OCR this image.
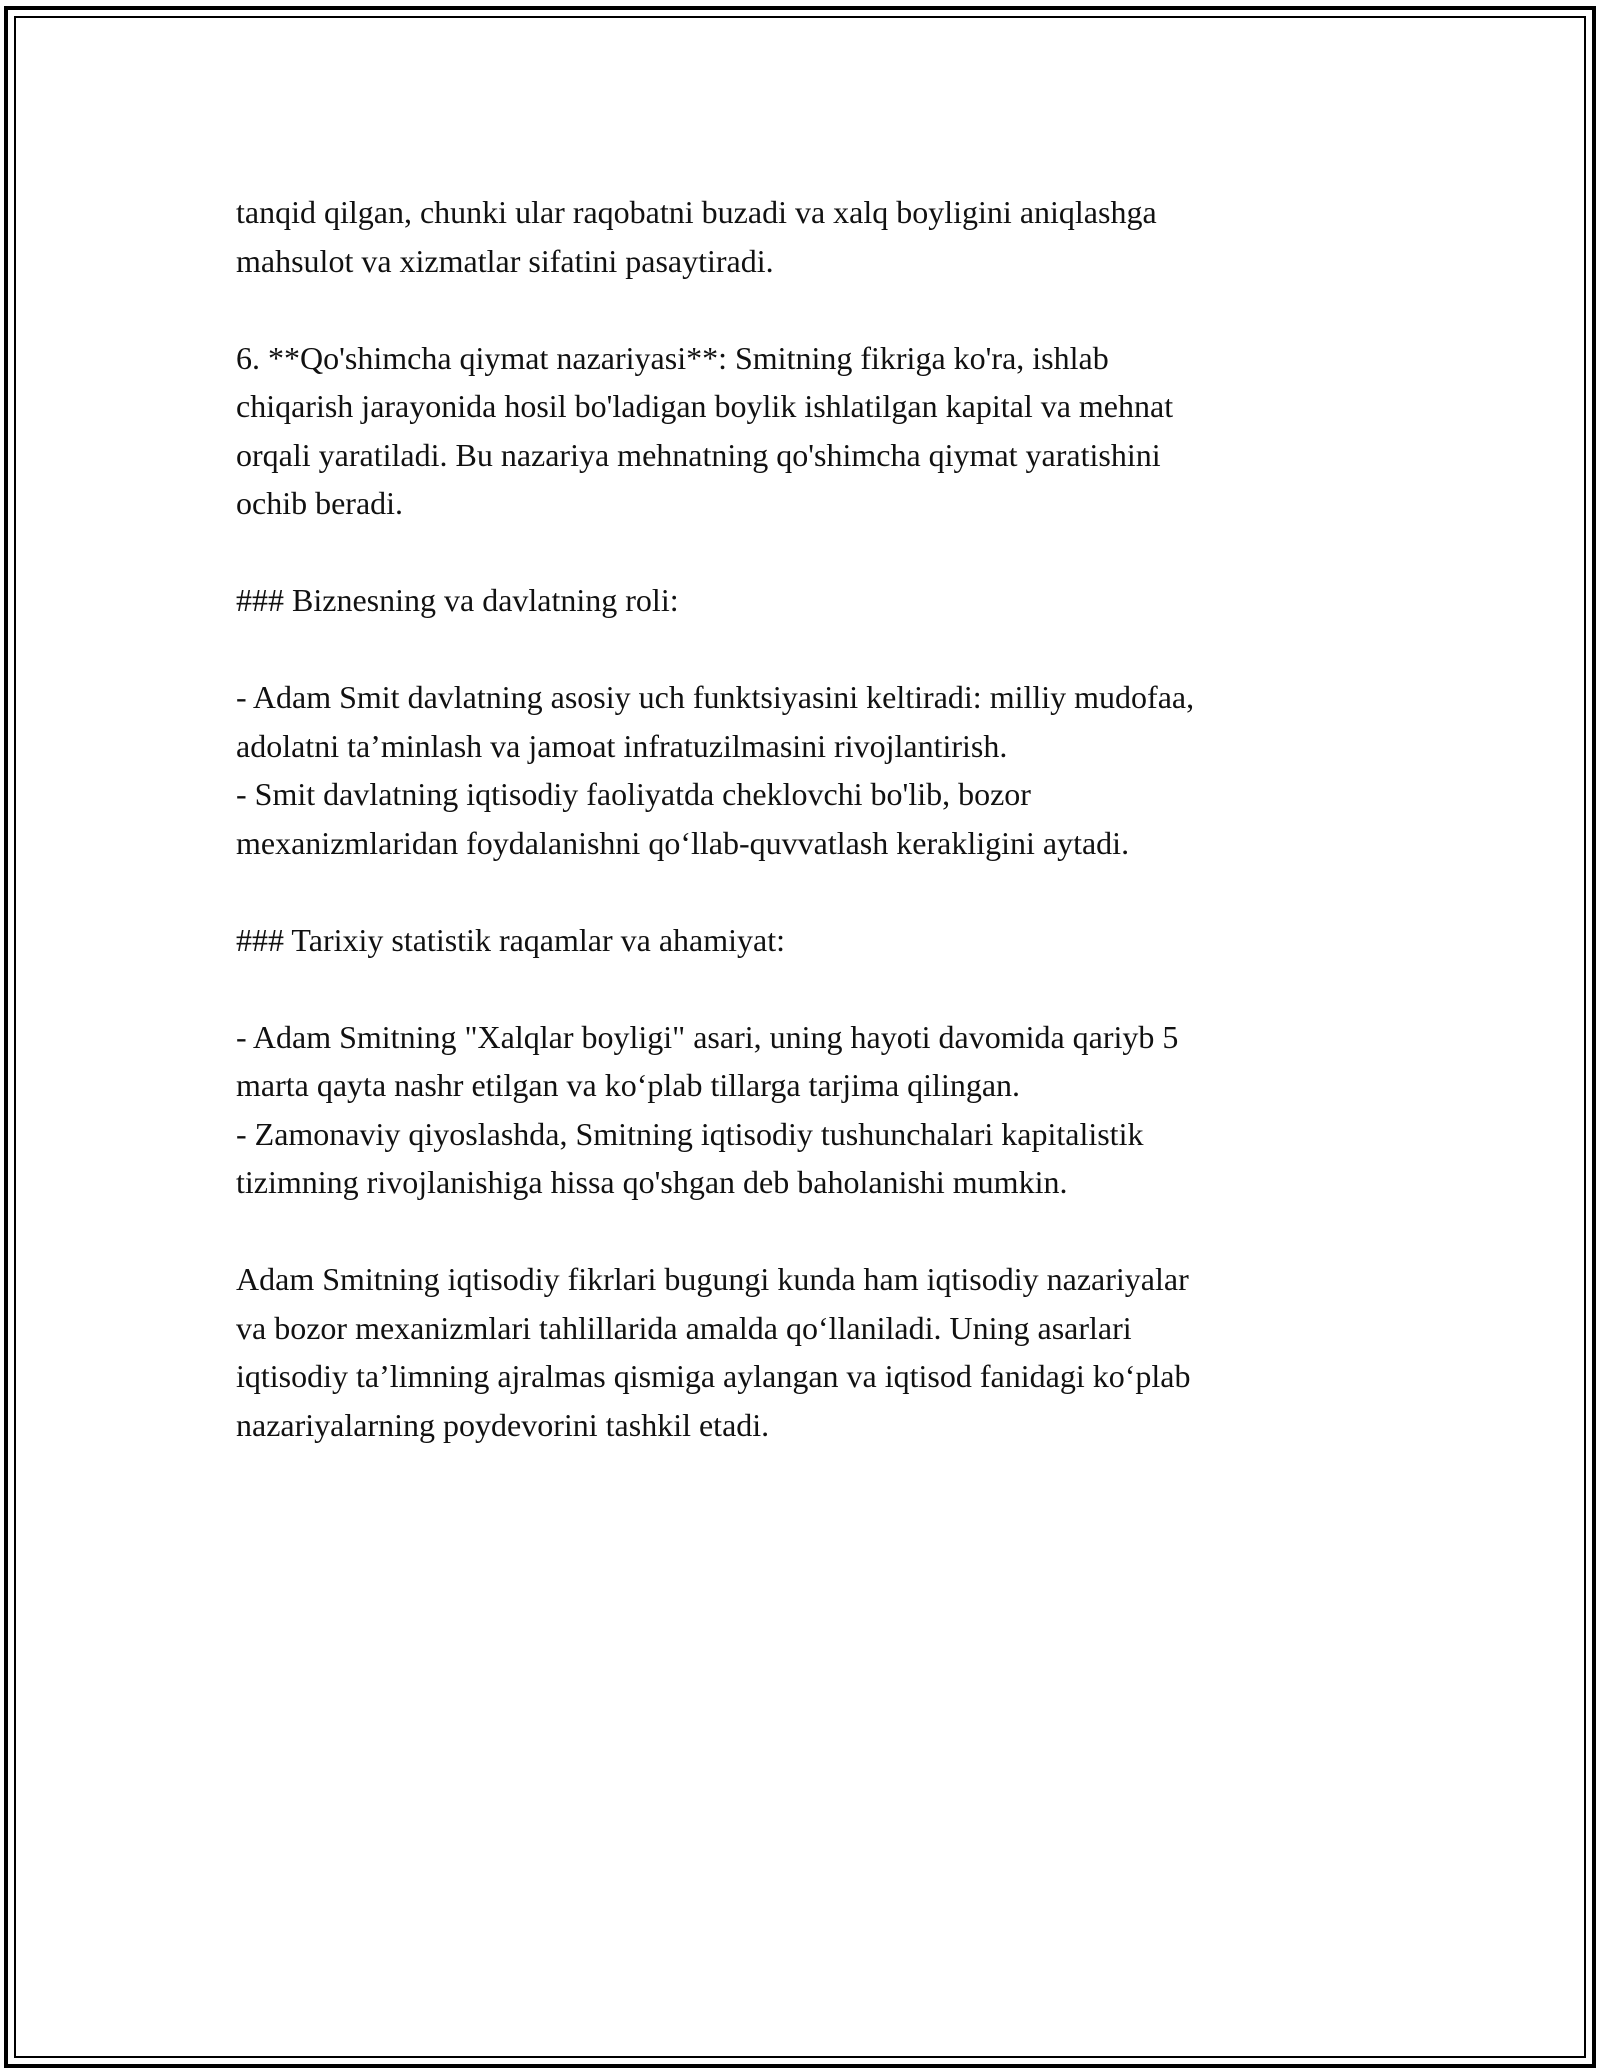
tanqid qilgan, chunki ular raqobatni buzadi va xalq boyligini aniqlashga
mahsulot va xizmatlar sifatini pasaytiradi.

6. **Qo'shimcha qiymat nazariyasi**: Smitning fikriga ko'ra, ishlab
chiqarish jarayonida hosil bo'ladigan boylik ishlatilgan kapital va mehnat
orqali yaratiladi. Bu nazariya mehnatning qo'shimcha qiymat yaratishini
ochib beradi.

### Biznesning va davlatning roli:

- Adam Smit davlatning asosiy uch funktsiyasini keltiradi: milliy mudofaa,
adolatni ta’minlash va jamoat infratuzilmasini rivojlantirish.
- Smit davlatning iqtisodiy faoliyatda cheklovchi bo'lib, bozor
mexanizmlaridan foydalanishni qo‘llab-quvvatlash kerakligini aytadi.

### Tarixiy statistik raqamlar va ahamiyat:

- Adam Smitning "Xalqlar boyligi" asari, uning hayoti davomida qariyb 5
marta qayta nashr etilgan va ko‘plab tillarga tarjima qilingan.
- Zamonaviy qiyoslashda, Smitning iqtisodiy tushunchalari kapitalistik
tizimning rivojlanishiga hissa qo'shgan deb baholanishi mumkin.

Adam Smitning iqtisodiy fikrlari bugungi kunda ham iqtisodiy nazariyalar
va bozor mexanizmlari tahlillarida amalda qo‘llaniladi. Uning asarlari
iqtisodiy ta’limning ajralmas qismiga aylangan va iqtisod fanidagi ko‘plab
nazariyalarning poydevorini tashkil etadi.
